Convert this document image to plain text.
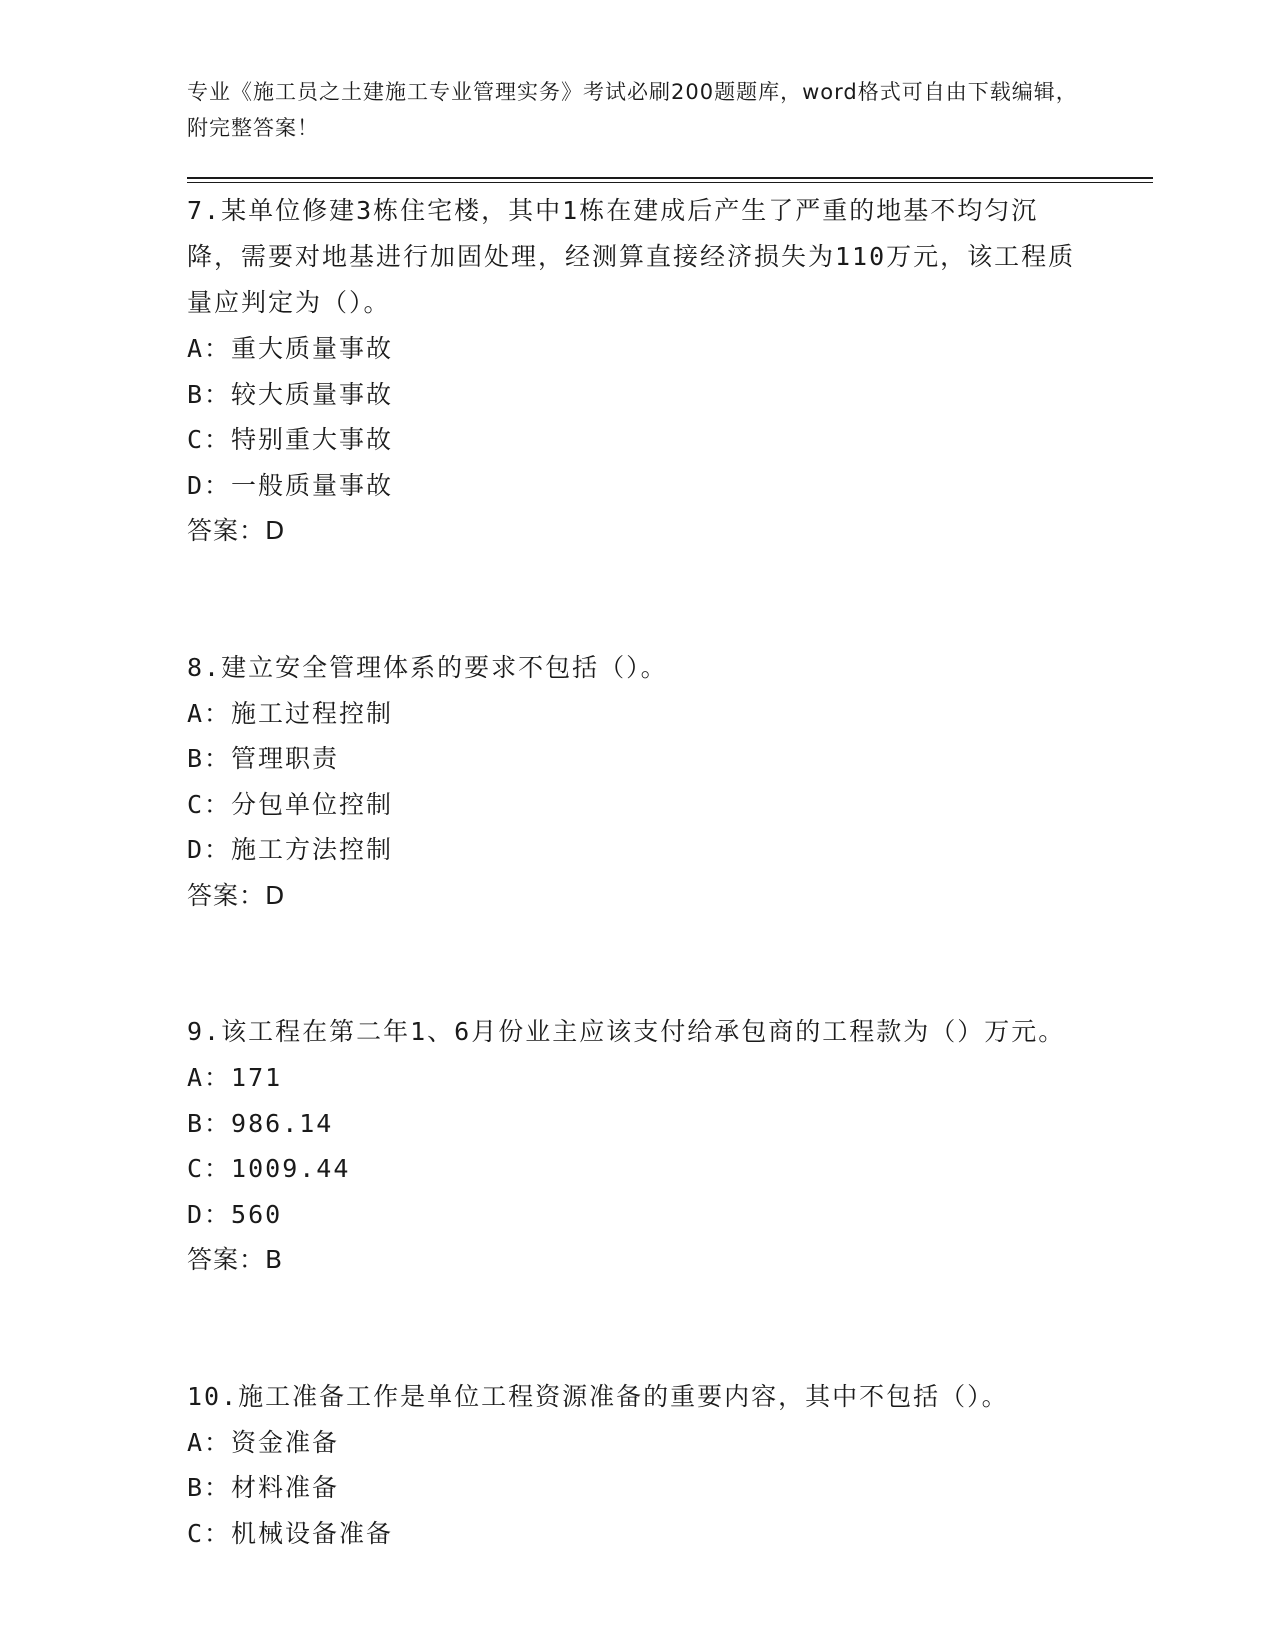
专业《施工员之土建施工专业管理实务》考试必刷200题题库，word格式可自由下载编辑，附完整答案！

7.某单位修建3栋住宅楼，其中1栋在建成后产生了严重的地基不均匀沉降，需要对地基进行加固处理，经测算直接经济损失为110万元，该工程质量应判定为（）。

A：重大质量事故

B：较大质量事故

C：特别重大事故

D：一般质量事故

答案：D

8.建立安全管理体系的要求不包括（）。

A：施工过程控制

B：管理职责

C：分包单位控制

D：施工方法控制

答案：D

9.该工程在第二年1、6月份业主应该支付给承包商的工程款为（）万元。

A：171

B：986.14

C：1009.44

D：560

答案：B

10.施工准备工作是单位工程资源准备的重要内容，其中不包括（）。

A：资金准备

B：材料准备

C：机械设备准备
